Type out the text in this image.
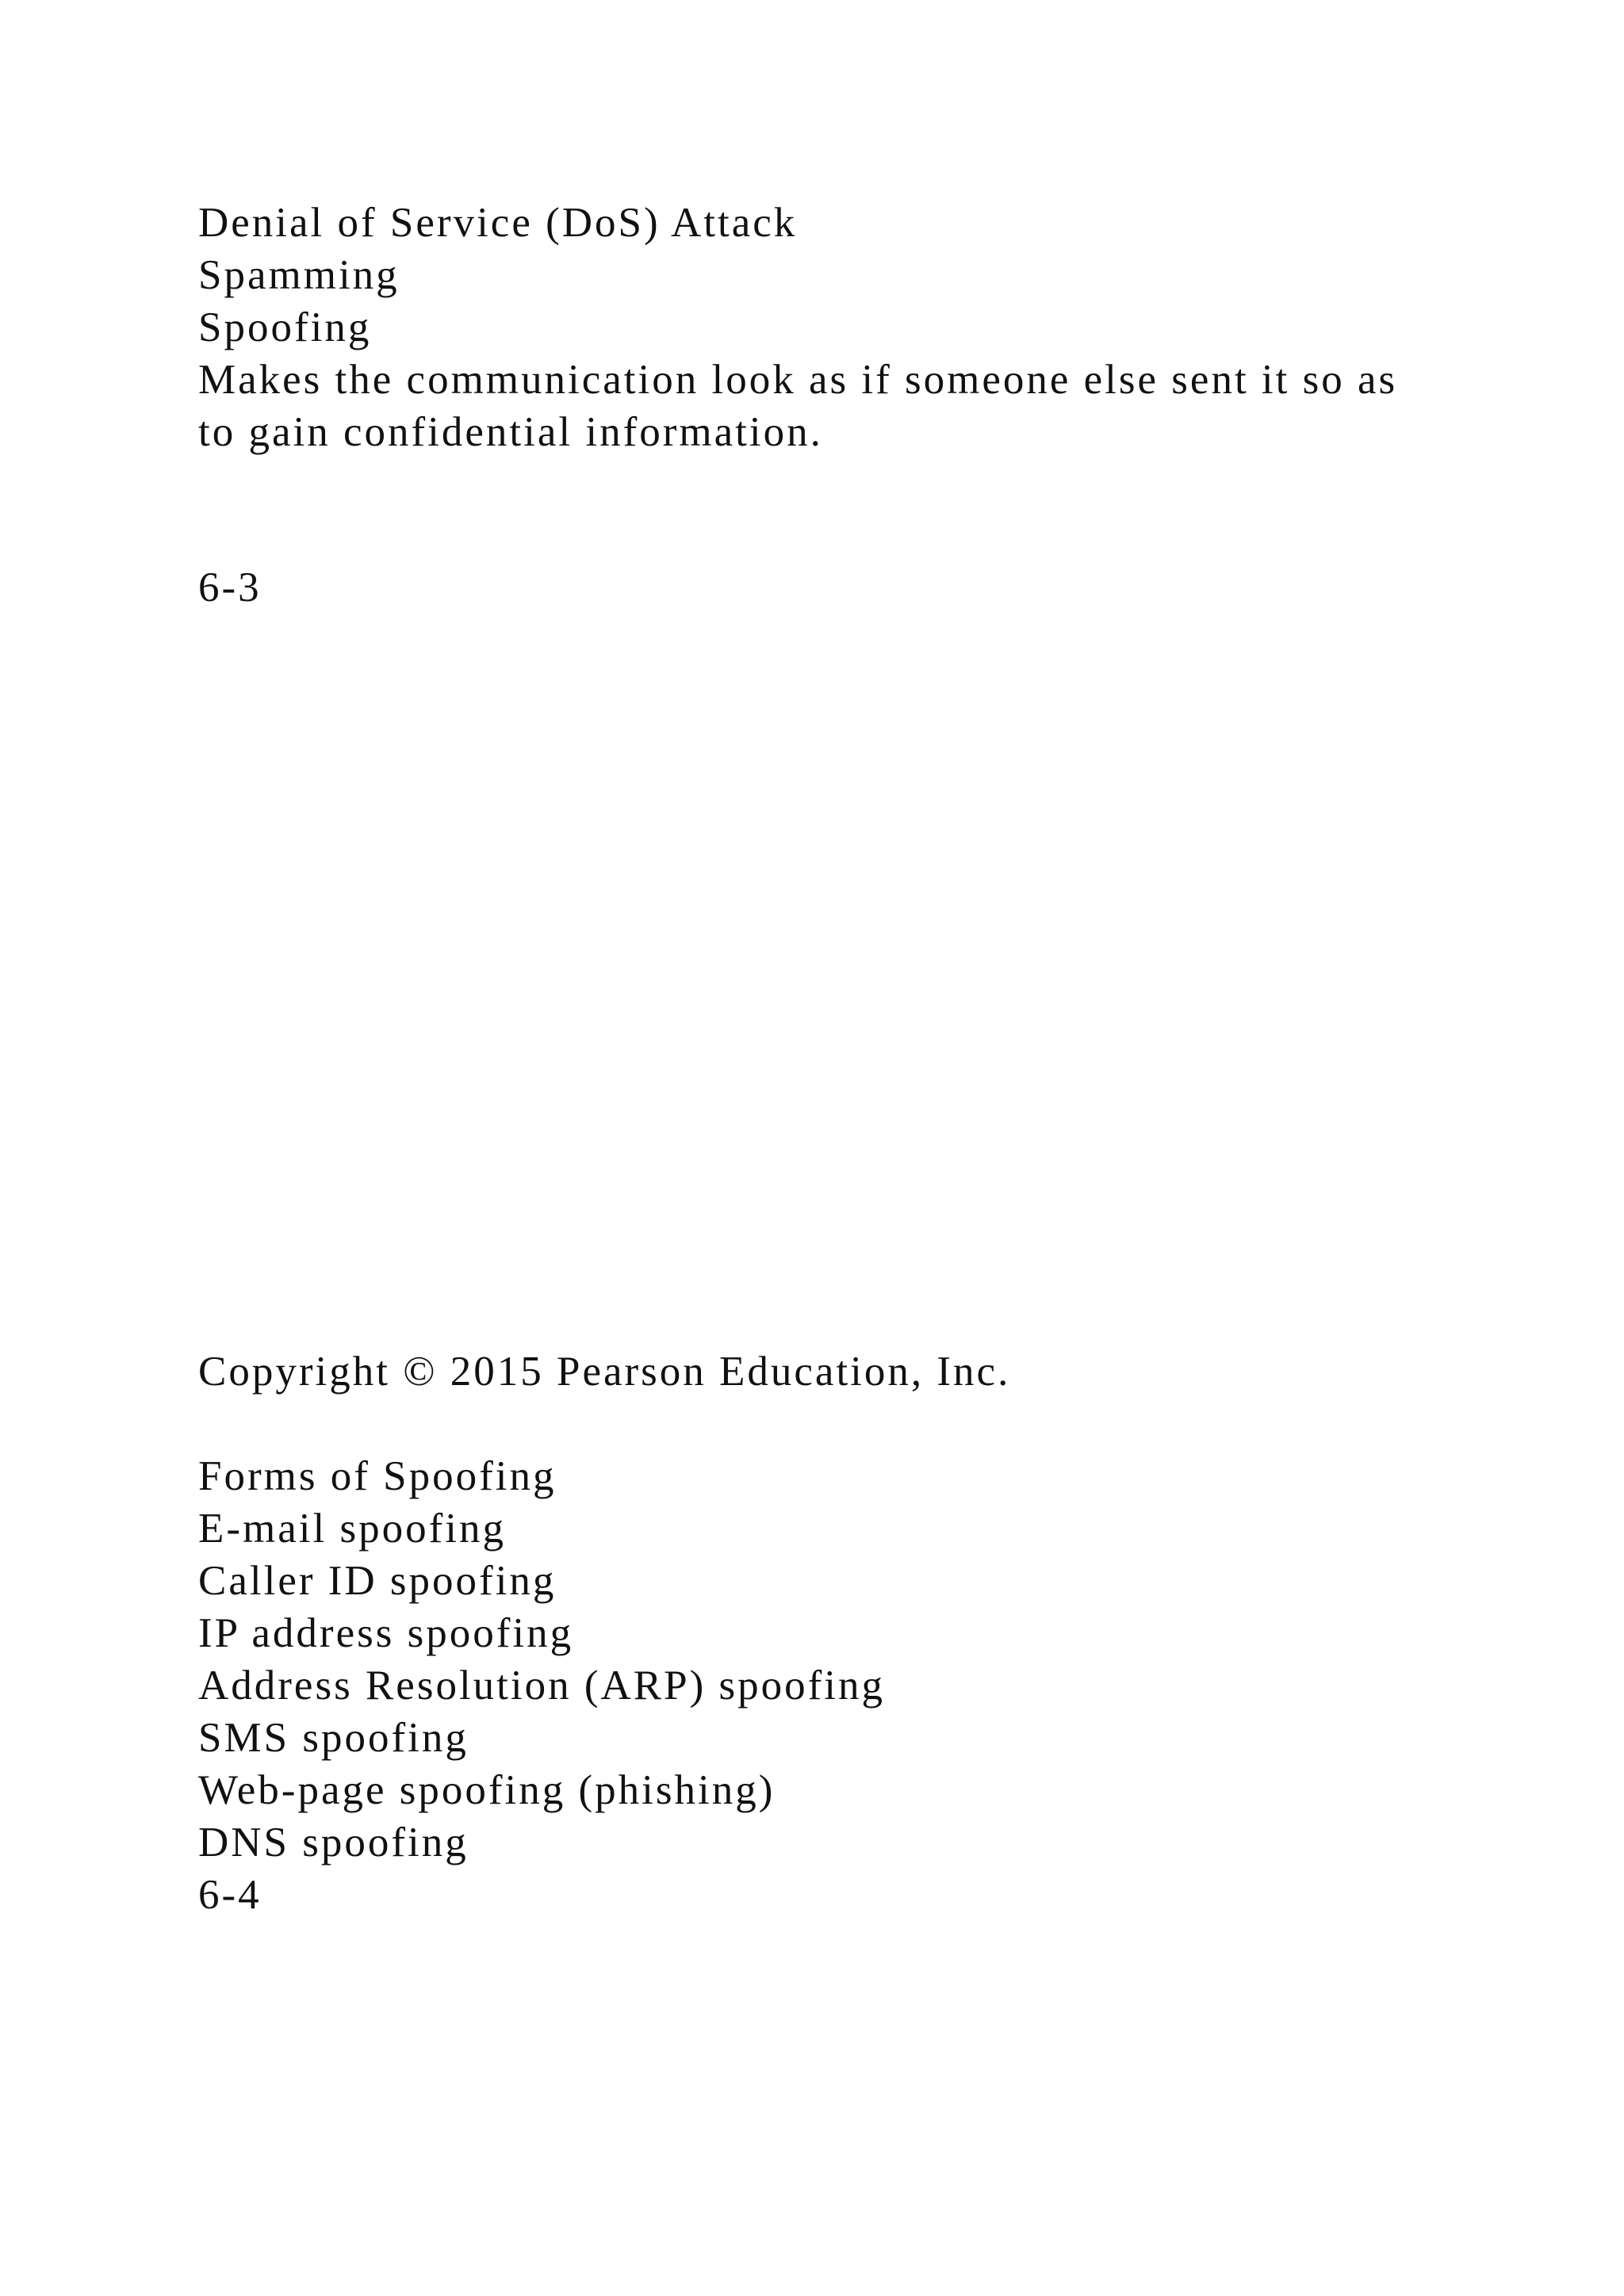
Denial of Service (DoS) Attack

Spamming

Spoofing

Makes the communication look as if someone else sent it so as

to gain confidential information.

6-3

Copyright © 2015 Pearson Education, Inc.

Forms of Spoofing

E-mail spoofing

Caller ID spoofing

IP address spoofing

Address Resolution (ARP) spoofing

SMS spoofing

Web-page spoofing (phishing)

DNS spoofing

6-4
